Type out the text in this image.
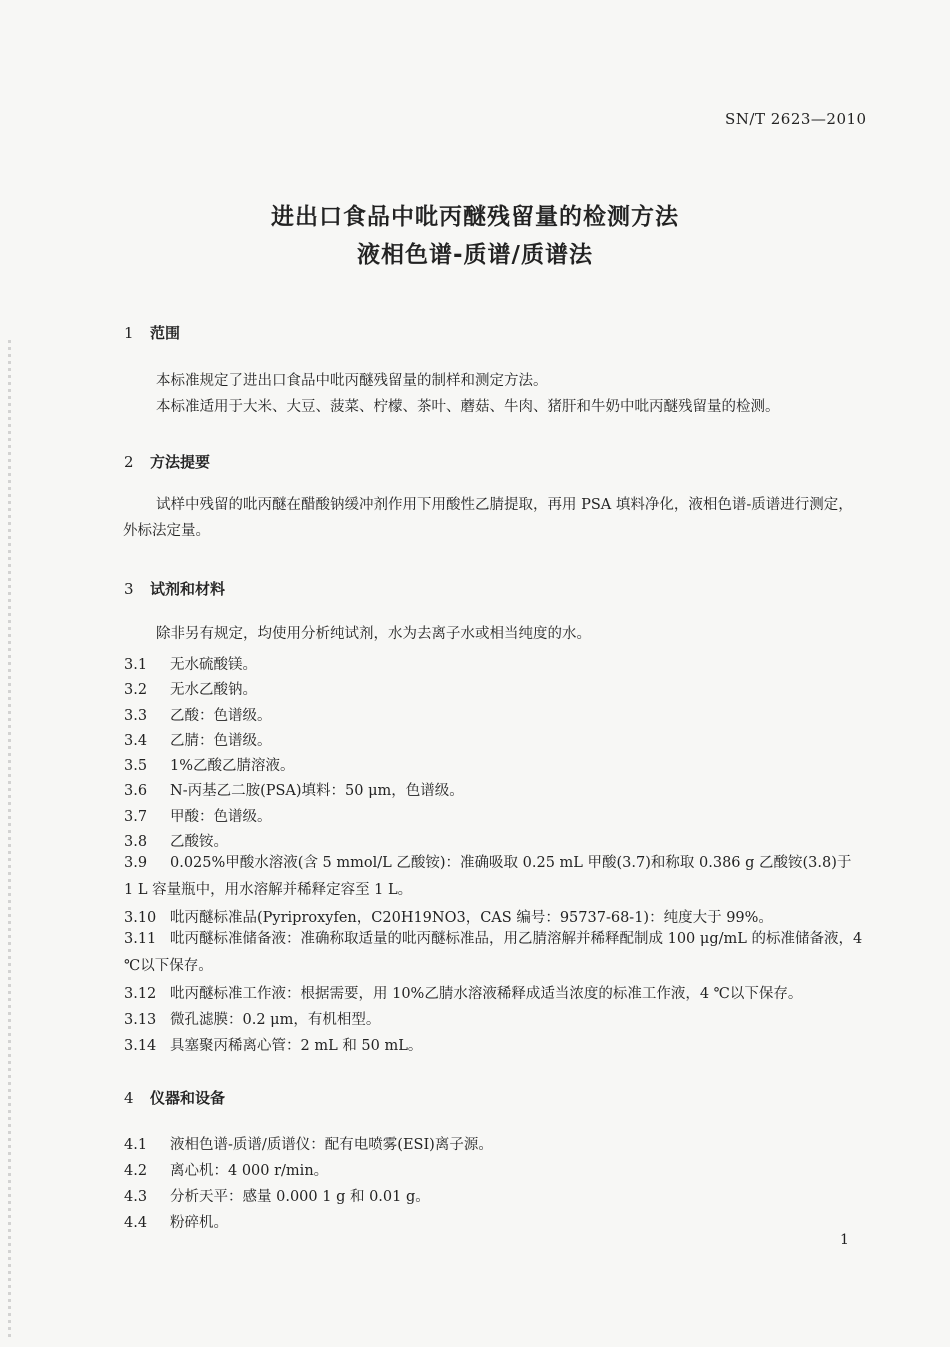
SN/T 2623—2010
进出口食品中吡丙醚残留量的检测方法
液相色谱-质谱/质谱法
1 范围
本标准规定了进出口食品中吡丙醚残留量的制样和测定方法。
本标准适用于大米、大豆、菠菜、柠檬、茶叶、蘑菇、牛肉、猪肝和牛奶中吡丙醚残留量的检测。
2 方法提要
试样中残留的吡丙醚在醋酸钠缓冲剂作用下用酸性乙腈提取，再用 PSA 填料净化，液相色谱-质谱进行测定，外标法定量。
3 试剂和材料
除非另有规定，均使用分析纯试剂，水为去离子水或相当纯度的水。
3.1 无水硫酸镁。
3.2 无水乙酸钠。
3.3 乙酸：色谱级。
3.4 乙腈：色谱级。
3.5 1%乙酸乙腈溶液。
3.6 N-丙基乙二胺(PSA)填料：50 μm，色谱级。
3.7 甲酸：色谱级。
3.8 乙酸铵。
3.9 0.025%甲酸水溶液(含 5 mmol/L 乙酸铵)：准确吸取 0.25 mL 甲酸(3.7)和称取 0.386 g 乙酸铵(3.8)于 1 L 容量瓶中，用水溶解并稀释定容至 1 L。
3.10 吡丙醚标准品(Pyriproxyfen，C20H19NO3，CAS 编号：95737-68-1)：纯度大于 99%。
3.11 吡丙醚标准储备液：准确称取适量的吡丙醚标准品，用乙腈溶解并稀释配制成 100 μg/mL 的标准储备液，4 ℃以下保存。
3.12 吡丙醚标准工作液：根据需要，用 10%乙腈水溶液稀释成适当浓度的标准工作液，4 ℃以下保存。
3.13 微孔滤膜：0.2 μm，有机相型。
3.14 具塞聚丙稀离心管：2 mL 和 50 mL。
4 仪器和设备
4.1 液相色谱-质谱/质谱仪：配有电喷雾(ESI)离子源。
4.2 离心机：4 000 r/min。
4.3 分析天平：感量 0.000 1 g 和 0.01 g。
4.4 粉碎机。
1
